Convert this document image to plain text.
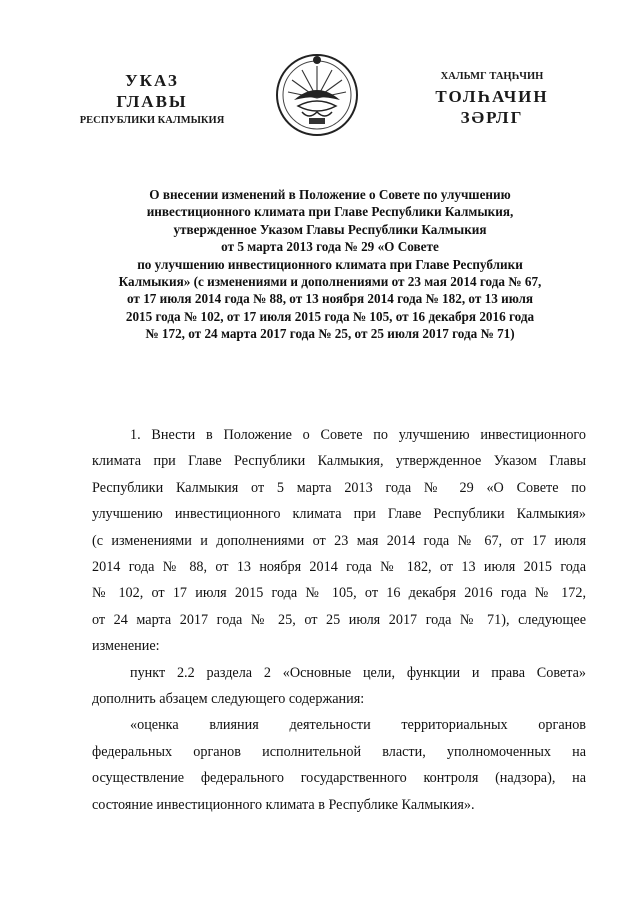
УКАЗ
ГЛАВЫ
РЕСПУБЛИКИ КАЛМЫКИЯ
ХАЛЬМГ ТАҢҺЧИН
ТОЛҺАЧИН
ЗӘРЛГ
О внесении изменений в Положение о Совете по улучшению
инвестиционного климата при Главе Республики Калмыкия,
утвержденное Указом Главы Республики Калмыкия
от 5 марта 2013 года № 29 «О Совете
по улучшению инвестиционного климата при Главе Республики
Калмыкия» (с изменениями и дополнениями от 23 мая 2014 года № 67,
от 17 июля 2014 года № 88, от 13 ноября 2014 года № 182, от 13 июля
2015 года № 102, от 17 июля 2015 года № 105, от 16 декабря 2016 года
№ 172, от 24 марта 2017 года № 25, от 25 июля 2017 года № 71)
1. Внести в Положение о Совете по улучшению инвестиционного
климата при Главе Республики Калмыкия, утвержденное Указом Главы
Республики Калмыкия от 5 марта 2013 года № 29 «О Совете по
улучшению инвестиционного климата при Главе Республики Калмыкия»
(с изменениями и дополнениями от 23 мая 2014 года № 67, от 17 июля
2014 года № 88, от 13 ноября 2014 года № 182, от 13 июля 2015 года
№ 102, от 17 июля 2015 года № 105, от 16 декабря 2016 года № 172,
от 24 марта 2017 года № 25, от 25 июля 2017 года № 71), следующее
изменение:
пункт 2.2 раздела 2 «Основные цели, функции и права Совета»
дополнить абзацем следующего содержания:
«оценка влияния деятельности территориальных органов
федеральных органов исполнительной власти, уполномоченных на
осуществление федерального государственного контроля (надзора), на
состояние инвестиционного климата в Республике Калмыкия».
